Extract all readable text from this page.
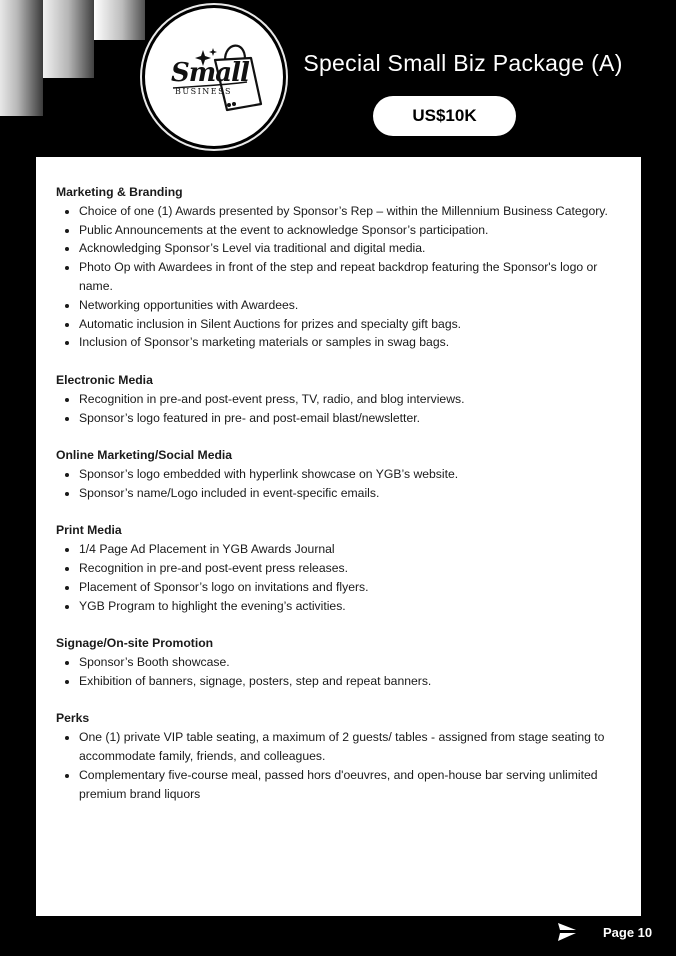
Small
BUSINESS
Special Small Biz Package (A)
US$10K
Marketing & Branding
• Choice of one (1) Awards presented by Sponsor’s Rep – within the Millennium Business Category.
• Public Announcements at the event to acknowledge Sponsor’s participation.
• Acknowledging Sponsor’s Level via traditional and digital media.
• Photo Op with Awardees in front of the step and repeat backdrop featuring the Sponsor's logo or name.
• Networking opportunities with Awardees.
• Automatic inclusion in Silent Auctions for prizes and specialty gift bags.
• Inclusion of Sponsor’s marketing materials or samples in swag bags.
Electronic Media
• Recognition in pre-and post-event press, TV, radio, and blog interviews.
• Sponsor’s logo featured in pre- and post-email blast/newsletter.
Online Marketing/Social Media
• Sponsor’s logo embedded with hyperlink showcase on YGB’s website.
• Sponsor’s name/Logo included in event-specific emails.
Print Media
• 1/4 Page Ad Placement in YGB Awards Journal
• Recognition in pre-and post-event press releases.
• Placement of Sponsor’s logo on invitations and flyers.
• YGB Program to highlight the evening’s activities.
Signage/On-site Promotion
• Sponsor’s Booth showcase.
• Exhibition of banners, signage, posters, step and repeat banners.
Perks
• One (1) private VIP table seating, a maximum of 2 guests/ tables - assigned from stage seating to accommodate family, friends, and colleagues.
• Complementary five-course meal, passed hors d'oeuvres, and open-house bar serving unlimited premium brand liquors
Page 10
